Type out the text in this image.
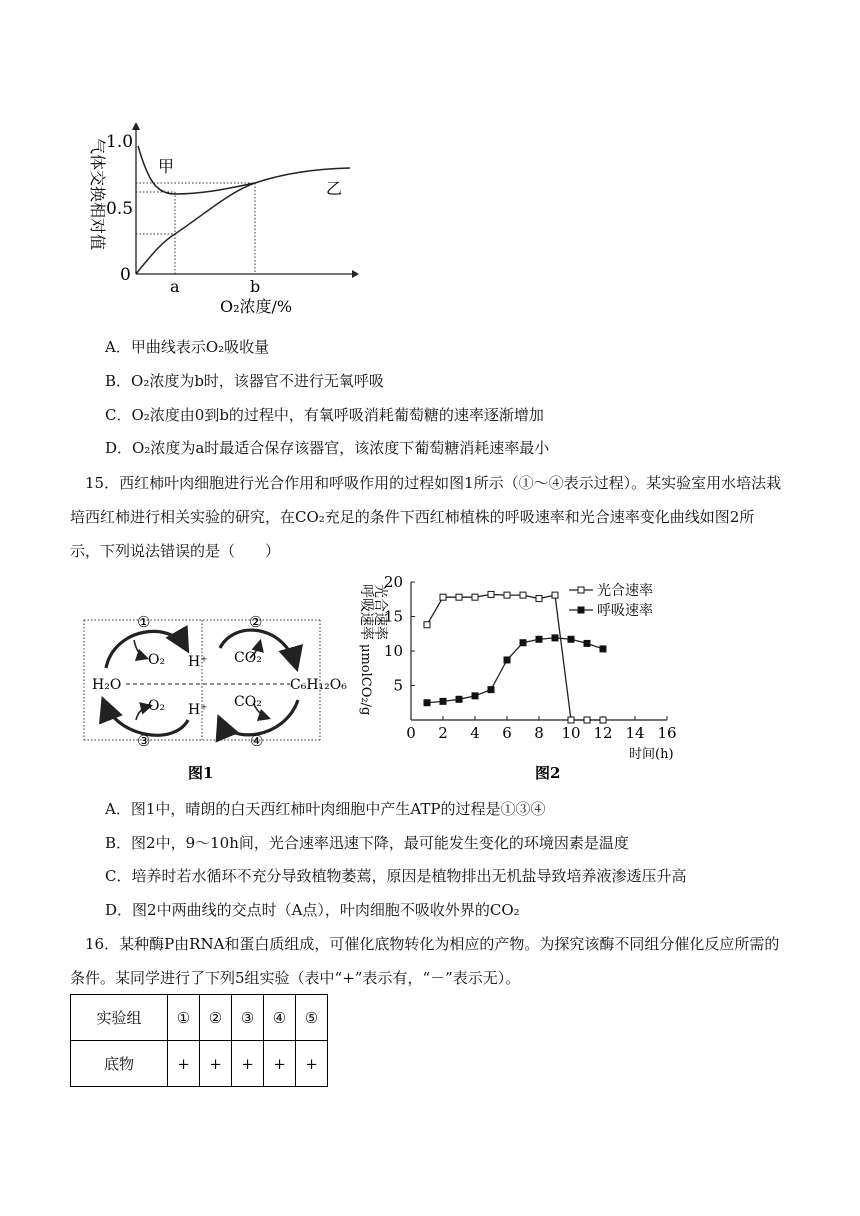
1.0
0.5
0
a	b
O₂浓度/%
甲
乙
气体交换相对值
A．甲曲线表示O₂吸收量
B．O₂浓度为b时，该器官不进行无氧呼吸
C．O₂浓度由0到b的过程中，有氧呼吸消耗葡萄糖的速率逐渐增加
D．O₂浓度为a时最适合保存该器官，该浓度下葡萄糖消耗速率最小
15．西红柿叶肉细胞进行光合作用和呼吸作用的过程如图1所示（①～④表示过程）。某实验室用水培法栽
培西红柿进行相关实验的研究，在CO₂充足的条件下西红柿植株的呼吸速率和光合速率变化曲线如图2所
示，下列说法错误的是（　　）
①	②
③	④
O₂ H⁺ CO₂
O₂ H⁺ CO₂
H₂O	C₆H₁₂O₆
图1
0 2 4 6 8 10 12 14 16
5
10
15
20	光合速率
呼吸速率
光合速率
呼吸速率
μmolCO₂/g
时间(h)
图2
A．图1中，晴朗的白天西红柿叶肉细胞中产生ATP的过程是①③④
B．图2中，9～10h间，光合速率迅速下降，最可能发生变化的环境因素是温度
C．培养时若水循环不充分导致植物萎蔫，原因是植物排出无机盐导致培养液渗透压升高
D．图2中两曲线的交点时（A点），叶肉细胞不吸收外界的CO₂
16．某种酶P由RNA和蛋白质组成，可催化底物转化为相应的产物。为探究该酶不同组分催化反应所需的
条件。某同学进行了下列5组实验（表中“+”表示有，“－”表示无）。
实验组	①	②	③	④	⑤
底物	+	+	+	+	+
